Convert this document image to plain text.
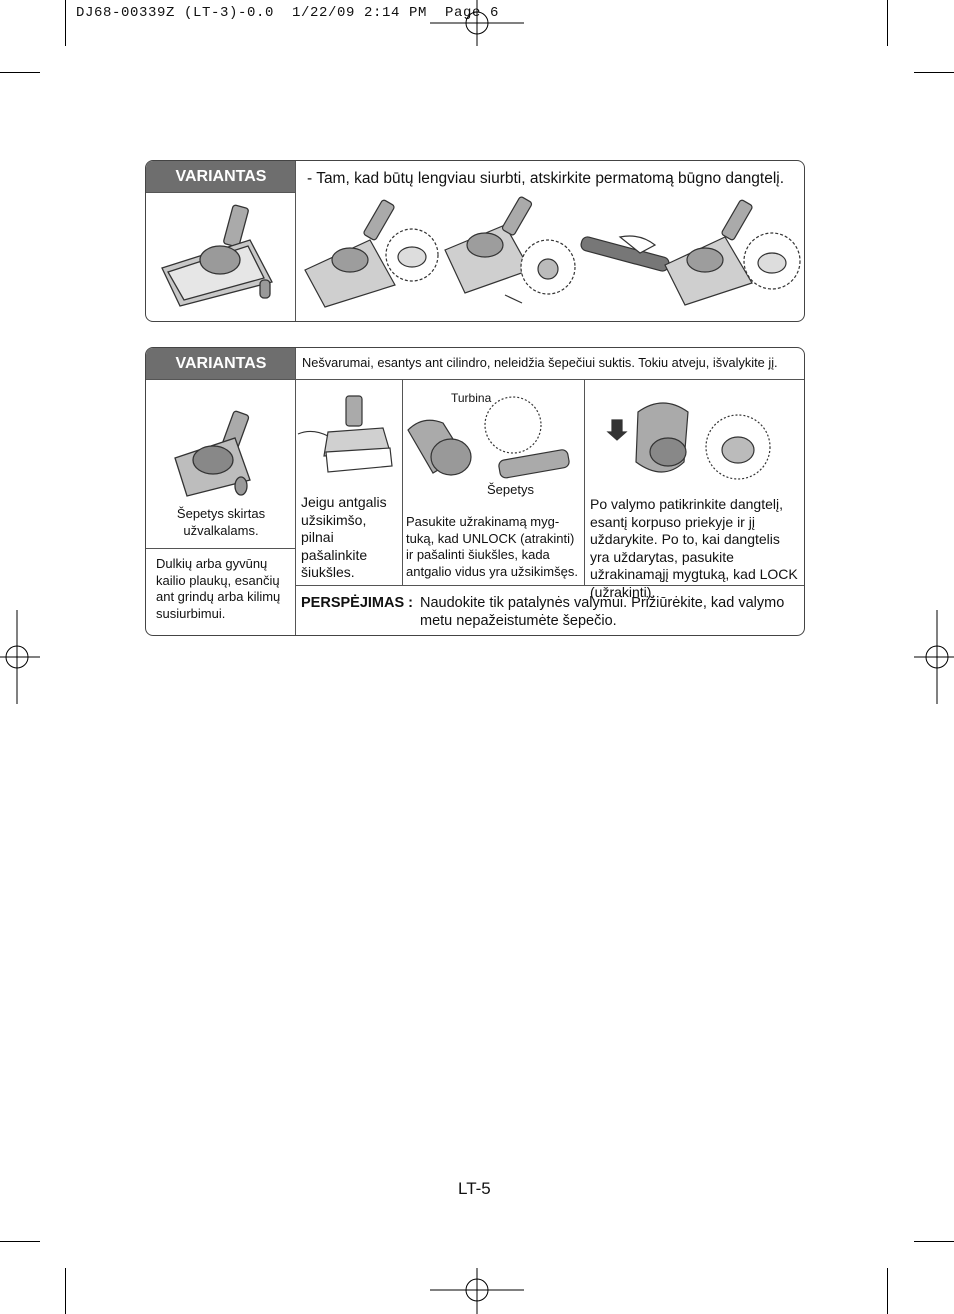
DJ68-00339Z (LT-3)-0.0  1/22/09 2:14 PM  Page 6
VARIANTAS	- Tam, kad būtų lengviau siurbti, atskirkite permatomą būgno dangtelį.
VARIANTAS	Nešvarumai, esantys ant cilindro, neleidžia šepečiui suktis. Tokiu atveju, išvalykite jį.
Šepetys skirtas užvalkalams.
Dulkių arba gyvūnų kailio plaukų, esančių ant grindų arba kilimų susiurbimui.
Jeigu antgalis užsikimšo, pilnai pašalinkite šiukšles.
Turbina
Šepetys
Pasukite užrakinamą myg-tuką, kad UNLOCK (atrakinti) ir pašalinti šiukšles, kada antgalio vidus yra užsikimšęs.
Po valymo patikrinkite dangtelį, esantį korpuso priekyje ir jį uždarykite. Po to, kai dangtelis yra uždarytas, pasukite užrakinamąjį mygtuką, kad LOCK (užrakinti).
PERSPĖJIMAS : Naudokite tik patalynės valymui. Prižiūrėkite, kad valymo metu nepažeistumėte šepečio.
LT-5
